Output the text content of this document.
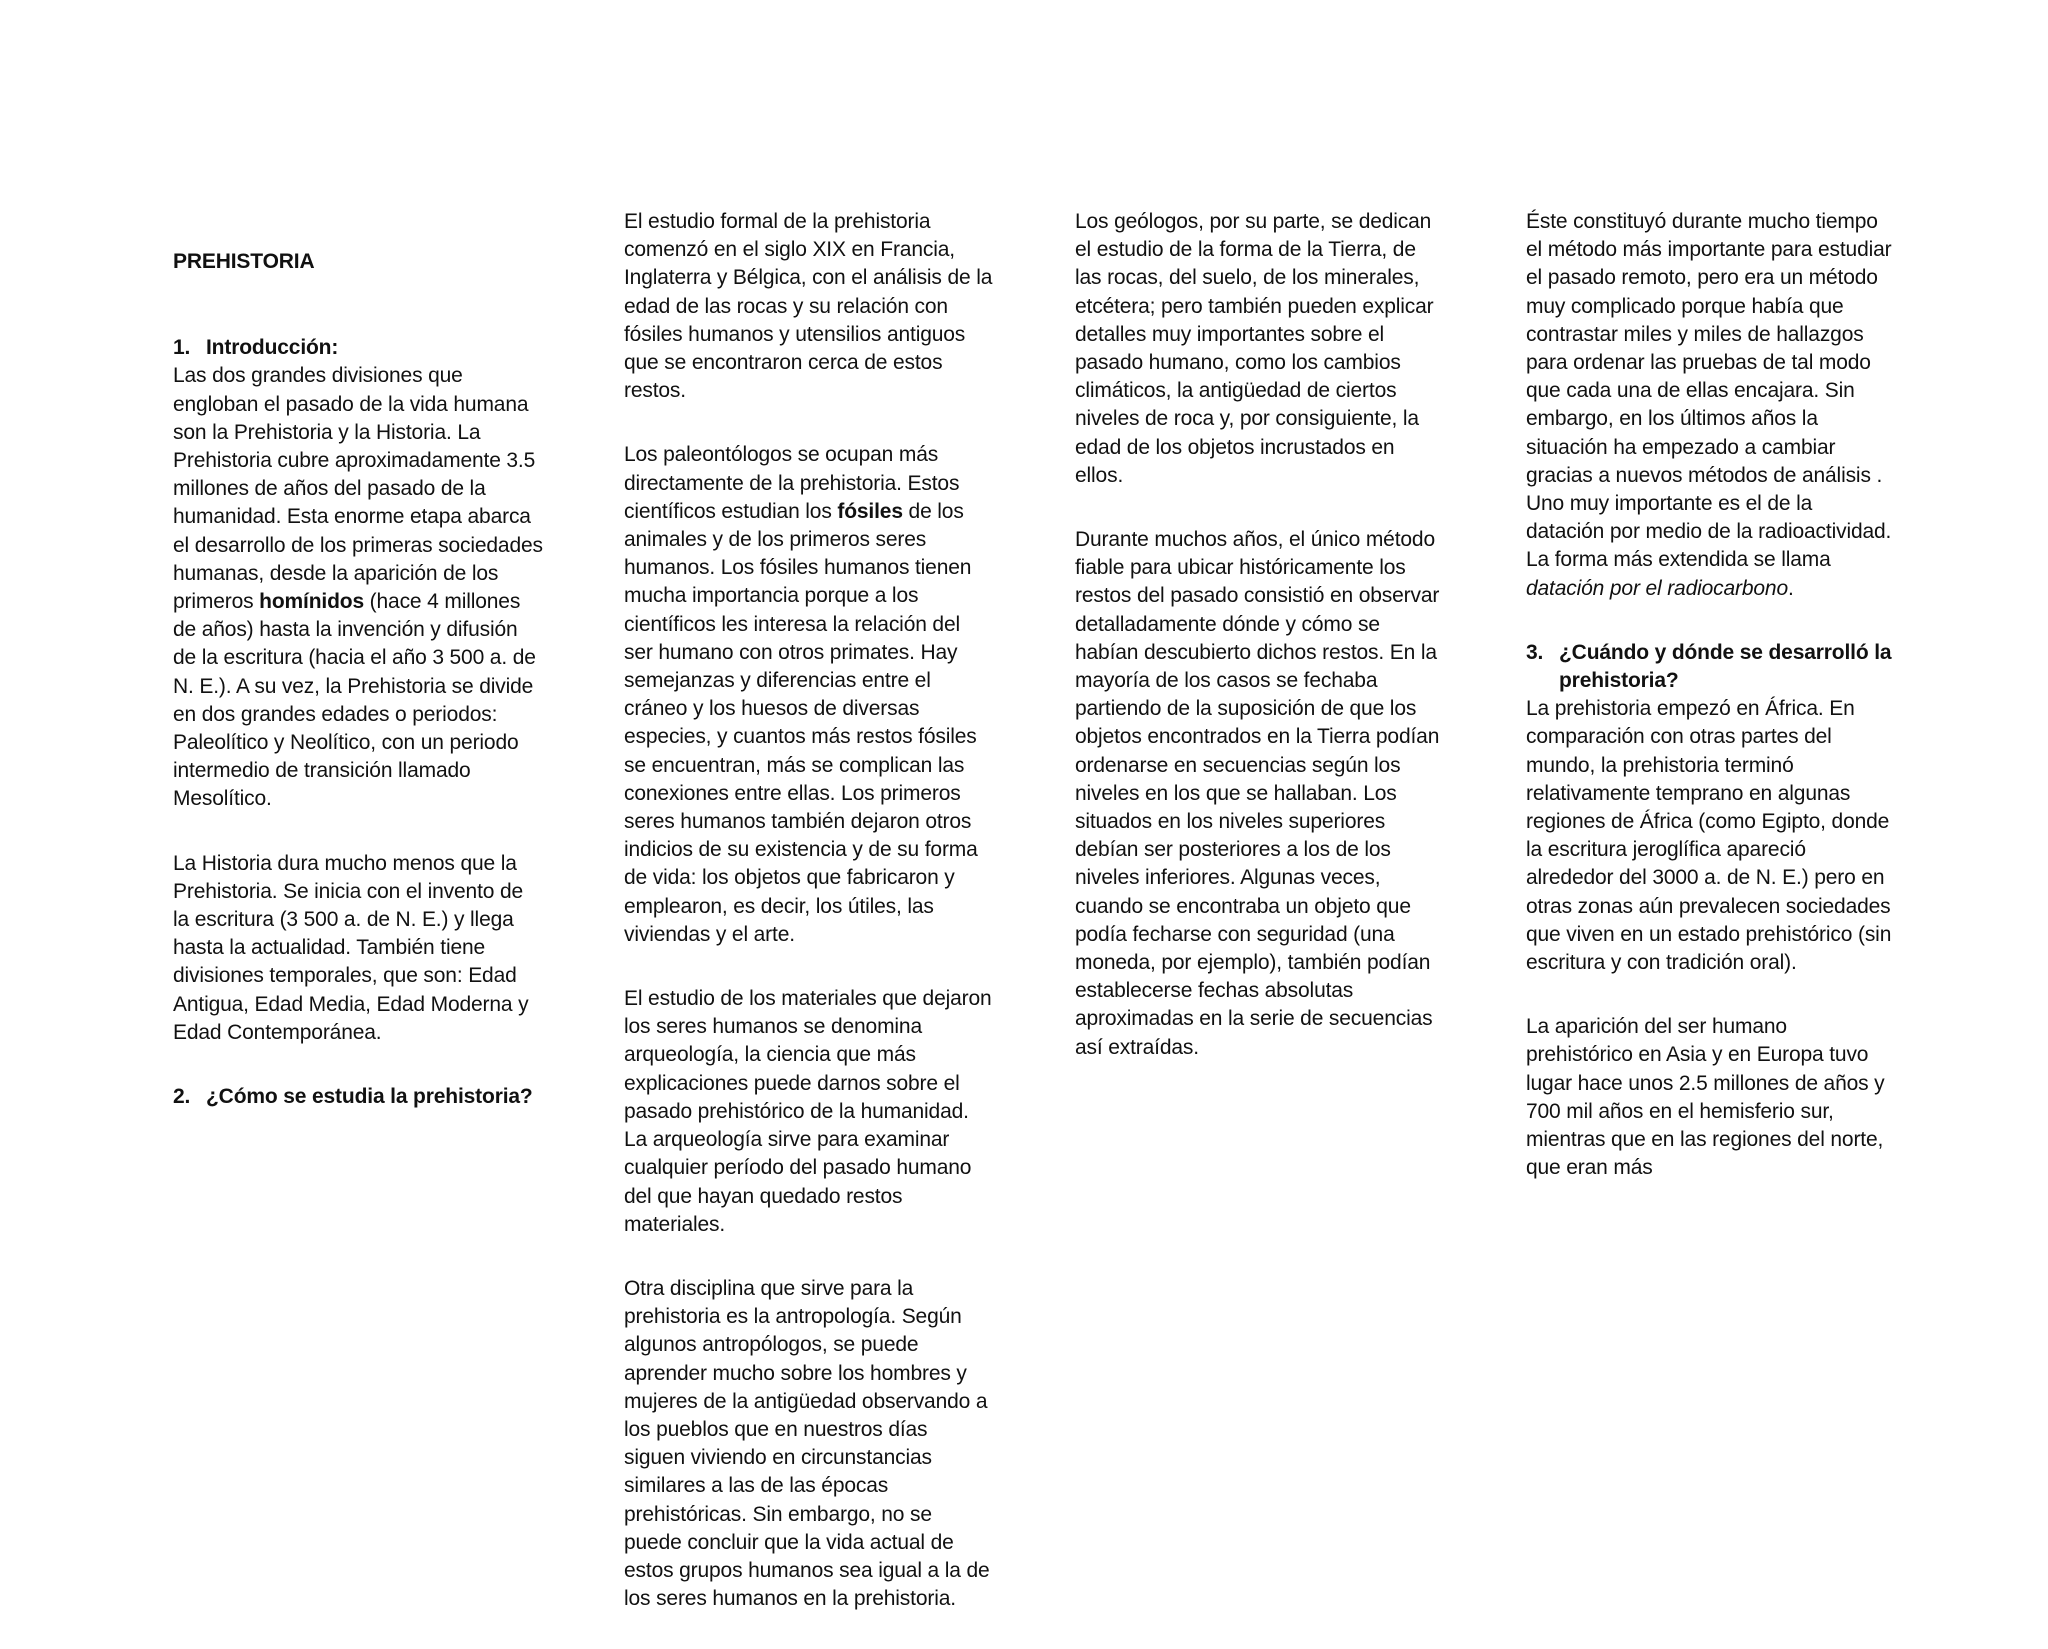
PREHISTORIA
1. Introducción:

Las dos grandes divisiones que engloban el pasado de la vida humana son la Prehistoria y la Historia. La Prehistoria cubre aproximadamente 3.5 millones de años del pasado de la humanidad. Esta enorme etapa abarca el desarrollo de los primeras sociedades humanas, desde la aparición de los primeros homínidos (hace 4 millones de años) hasta la invención y difusión de la escritura (hacia el año 3 500 a. de N. E.). A su vez, la Prehistoria se divide en dos grandes edades o periodos: Paleolítico y Neolítico, con un periodo intermedio de transición llamado Mesolítico.

La Historia dura mucho menos que la Prehistoria. Se inicia con el invento de la escritura (3 500 a. de N. E.) y llega hasta la actualidad. También tiene divisiones temporales, que son: Edad Antigua, Edad Media, Edad Moderna y Edad Contemporánea.

2. ¿Cómo se estudia la prehistoria?

El estudio formal de la prehistoria comenzó en el siglo XIX en Francia, Inglaterra y Bélgica, con el análisis de la edad de las rocas y su relación con fósiles humanos y utensilios antiguos que se encontraron cerca de estos restos.

Los paleontólogos se ocupan más directamente de la prehistoria. Estos científicos estudian los fósiles de los animales y de los primeros seres humanos. Los fósiles humanos tienen mucha importancia porque a los científicos les interesa la relación del ser humano con otros primates. Hay semejanzas y diferencias entre el cráneo y los huesos de diversas especies, y cuantos más restos fósiles se encuentran, más se complican las conexiones entre ellas. Los primeros seres humanos también dejaron otros indicios de su existencia y de su forma de vida: los objetos que fabricaron y emplearon, es decir, los útiles, las viviendas y el arte.

El estudio de los materiales que dejaron los seres humanos se denomina arqueología, la ciencia que más explicaciones puede darnos sobre el pasado prehistórico de la humanidad. La arqueología sirve para examinar cualquier período del pasado humano del que hayan quedado restos materiales.

Otra disciplina que sirve para la prehistoria es la antropología. Según algunos antropólogos, se puede aprender mucho sobre los hombres y mujeres de la antigüedad observando a los pueblos que en nuestros días siguen viviendo en circunstancias similares a las de las épocas prehistóricas. Sin embargo, no se puede concluir que la vida actual de estos grupos humanos sea igual a la de los seres humanos en la prehistoria.

Los geólogos, por su parte, se dedican el estudio de la forma de la Tierra, de las rocas, del suelo, de los minerales, etcétera; pero también pueden explicar detalles muy importantes sobre el pasado humano, como los cambios climáticos, la antigüedad de ciertos niveles de roca y, por consiguiente, la edad de los objetos incrustados en ellos.

Durante muchos años, el único método fiable para ubicar históricamente los restos del pasado consistió en observar detalladamente dónde y cómo se habían descubierto dichos restos. En la mayoría de los casos se fechaba partiendo de la suposición de que los objetos encontrados en la Tierra podían ordenarse en secuencias según los niveles en los que se hallaban. Los situados en los niveles superiores debían ser posteriores a los de los niveles inferiores. Algunas veces, cuando se encontraba un objeto que podía fecharse con seguridad (una moneda, por ejemplo), también podían establecerse fechas absolutas aproximadas en la serie de secuencias así extraídas.

Éste constituyó durante mucho tiempo el método más importante para estudiar el pasado remoto, pero era un método muy complicado porque había que contrastar miles y miles de hallazgos para ordenar las pruebas de tal modo que cada una de ellas encajara. Sin embargo, en los últimos años la situación ha empezado a cambiar gracias a nuevos métodos de análisis . Uno muy importante es el de la datación por medio de la radioactividad. La forma más extendida se llama datación por el radiocarbono.

3. ¿Cuándo y dónde se desarrolló la prehistoria?

La prehistoria empezó en África. En comparación con otras partes del mundo, la prehistoria terminó relativamente temprano en algunas regiones de África (como Egipto, donde la escritura jeroglífica apareció alrededor del 3000 a. de N. E.) pero en otras zonas aún prevalecen sociedades que viven en un estado prehistórico (sin escritura y con tradición oral).

La aparición del ser humano prehistórico en Asia y en Europa tuvo lugar hace unos 2.5 millones de años y 700 mil años en el hemisferio sur, mientras que en las regiones del norte, que eran más
